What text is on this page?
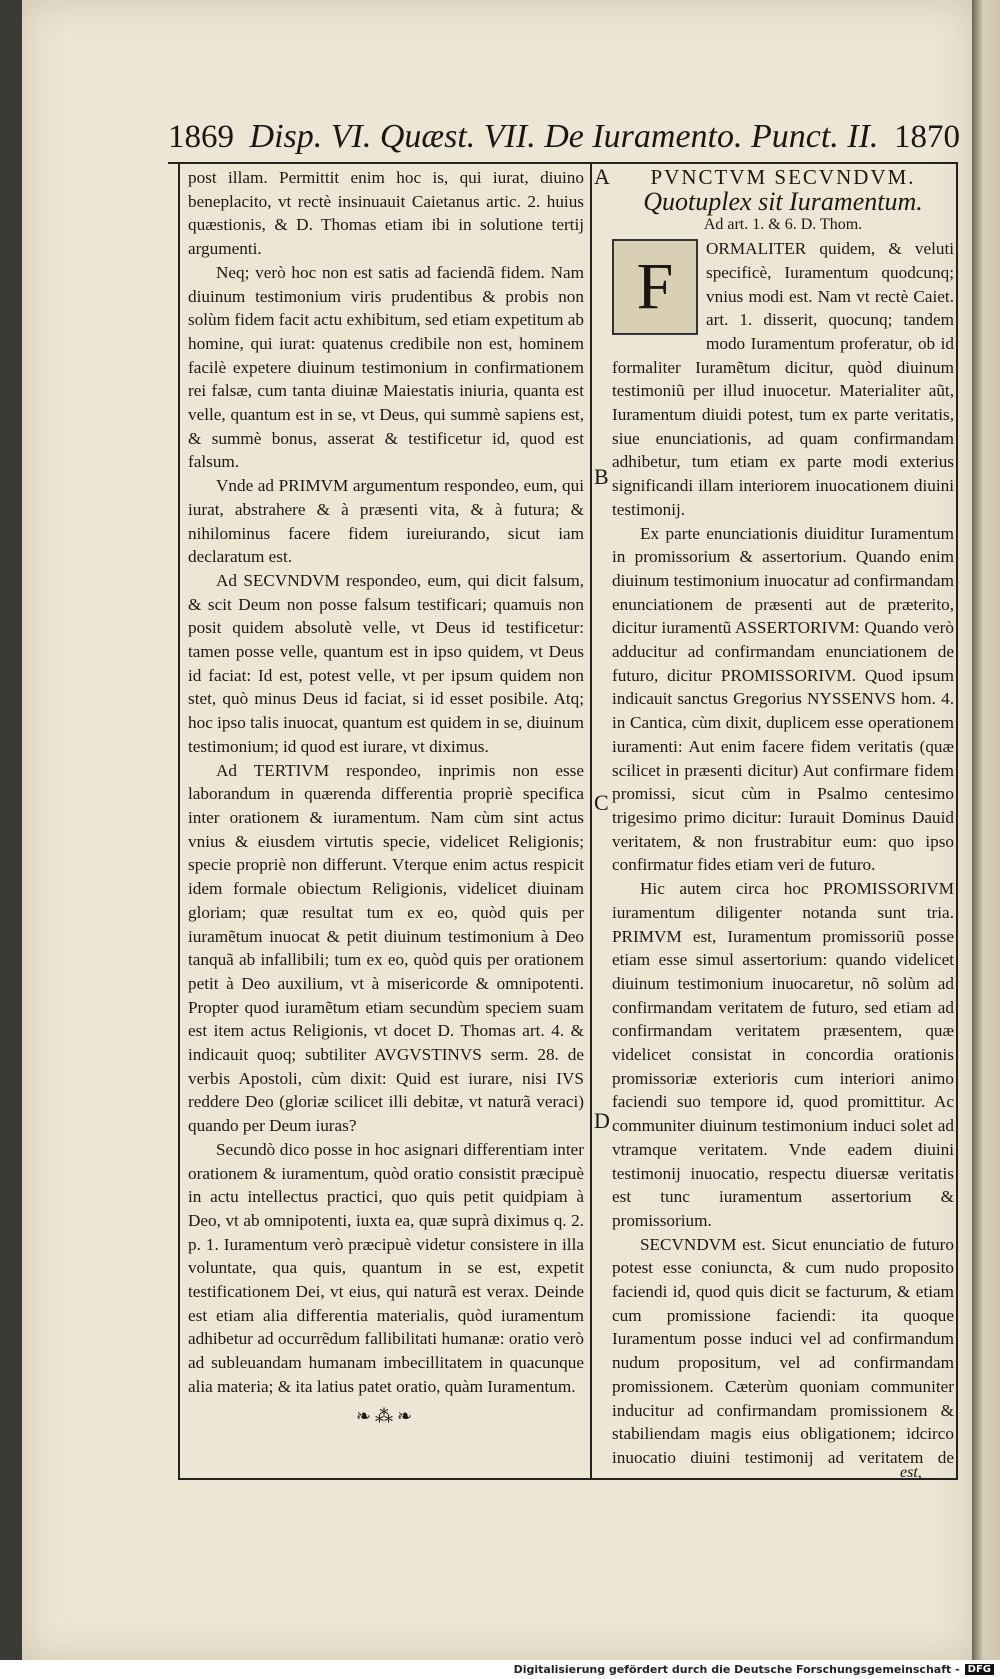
1869 Disp. VI. Quæst. VII. De Iuramento. Punct. II. 1870
A
B
C
D

post illam. Permittit enim hoc is, qui iurat, diuino beneplacito, vt rectè insinuauit Caietanus artic. 2. huius quæstionis, & D. Thomas etiam ibi in solutione tertij argumenti.

Neq; verò hoc non est satis ad faciendã fidem. Nam diuinum testimonium viris prudentibus & probis non solùm fidem facit actu exhibitum, sed etiam expetitum ab homine, qui iurat: quatenus credibile non est, hominem facilè expetere diuinum testimonium in confirmationem rei falsæ, cum tanta diuinæ Maiestatis iniuria, quanta est velle, quantum est in se, vt Deus, qui summè sapiens est, & summè bonus, asserat & testificetur id, quod est falsum.

Vnde ad PRIMVM argumentum respondeo, eum, qui iurat, abstrahere & à præsenti vita, & à futura; & nihilominus facere fidem iureiurando, sicut iam declaratum est.

Ad SECVNDVM respondeo, eum, qui dicit falsum, & scit Deum non posse falsum testificari; quamuis non posit quidem absolutè velle, vt Deus id testificetur: tamen posse velle, quantum est in ipso quidem, vt Deus id faciat: Id est, potest velle, vt per ipsum quidem non stet, quò minus Deus id faciat, si id esset posibile. Atq; hoc ipso talis inuocat, quantum est quidem in se, diuinum testimonium; id quod est iurare, vt diximus.

Ad TERTIVM respondeo, inprimis non esse laborandum in quærenda differentia propriè specifica inter orationem & iuramentum. Nam cùm sint actus vnius & eiusdem virtutis specie, videlicet Religionis; specie propriè non differunt. Vterque enim actus respicit idem formale obiectum Religionis, videlicet diuinam gloriam; quæ resultat tum ex eo, quòd quis per iuramẽtum inuocat & petit diuinum testimonium à Deo tanquã ab infallibili; tum ex eo, quòd quis per orationem petit à Deo auxilium, vt à misericorde & omnipotenti. Propter quod iuramẽtum etiam secundùm speciem suam est item actus Religionis, vt docet D. Thomas art. 4. & indicauit quoq; subtiliter AVGVSTINVS serm. 28. de verbis Apostoli, cùm dixit: Quid est iurare, nisi IVS reddere Deo (gloriæ scilicet illi debitæ, vt naturã veraci) quando per Deum iuras?

Secundò dico posse in hoc asignari differentiam inter orationem & iuramentum, quòd oratio consistit præcipuè in actu intellectus practici, quo quis petit quidpiam à Deo, vt ab omnipotenti, iuxta ea, quæ suprà diximus q. 2. p. 1. Iuramentum verò præcipuè videtur consistere in illa voluntate, qua quis, quantum in se est, expetit testificationem Dei, vt eius, qui naturã est verax. Deinde est etiam alia differentia materialis, quòd iuramentum adhibetur ad occurrẽdum fallibilitati humanæ: oratio verò ad subleuandam humanam imbecillitatem in quacunque alia materia; & ita latius patet oratio, quàm Iuramentum.

❧⁂❧

PVNCTVM SECVNDVM.

Quotuplex sit Iuramentum.

Ad art. 1. & 6. D. Thom.

F

ORMALITER quidem, & veluti specificè, Iuramentum quodcunq; vnius modi est. Nam vt rectè Caiet. art. 1. disserit, quocunq; tandem modo Iuramentum proferatur, ob id formaliter Iuramẽtum dicitur, quòd diuinum testimoniũ per illud inuocetur. Materialiter aũt, Iuramentum diuidi potest, tum ex parte veritatis, siue enunciationis, ad quam confirmandam adhibetur, tum etiam ex parte modi exterius significandi illam interiorem inuocationem diuini testimonij.

Ex parte enunciationis diuiditur Iuramentum in promissorium & assertorium. Quando enim diuinum testimonium inuocatur ad confirmandam enunciationem de præsenti aut de præterito, dicitur iuramentũ ASSERTORIVM: Quando verò adducitur ad confirmandam enunciationem de futuro, dicitur PROMISSORIVM. Quod ipsum indicauit sanctus Gregorius NYSSENVS hom. 4. in Cantica, cùm dixit, duplicem esse operationem iuramenti: Aut enim facere fidem veritatis (quæ scilicet in præsenti dicitur) Aut confirmare fidem promissi, sicut cùm in Psalmo centesimo trigesimo primo dicitur: Iurauit Dominus Dauid veritatem, & non frustrabitur eum: quo ipso confirmatur fides etiam veri de futuro.

Hic autem circa hoc PROMISSORIVM iuramentum diligenter notanda sunt tria. PRIMVM est, Iuramentum promissoriũ posse etiam esse simul assertorium: quando videlicet diuinum testimonium inuocaretur, nõ solùm ad confirmandam veritatem de futuro, sed etiam ad confirmandam veritatem præsentem, quæ videlicet consistat in concordia orationis promissoriæ exterioris cum interiori animo faciendi suo tempore id, quod promittitur. Ac communiter diuinum testimonium induci solet ad vtramque veritatem. Vnde eadem diuini testimonij inuocatio, respectu diuersæ veritatis est tunc iuramentum assertorium & promissorium.

SECVNDVM est. Sicut enunciatio de futuro potest esse coniuncta, & cum nudo proposito faciendi id, quod quis dicit se facturum, & etiam cum promissione faciendi: ita quoque Iuramentum posse induci vel ad confirmandum nudum propositum, vel ad confirmandam promissionem. Cæterùm quoniam communiter inducitur ad confirmandam promissionem & stabiliendam magis eius obligationem; idcirco inuocatio diuini testimonij ad veritatem de

est,
Digitalisierung gefördert durch die Deutsche Forschungsgemeinschaft - DFG
